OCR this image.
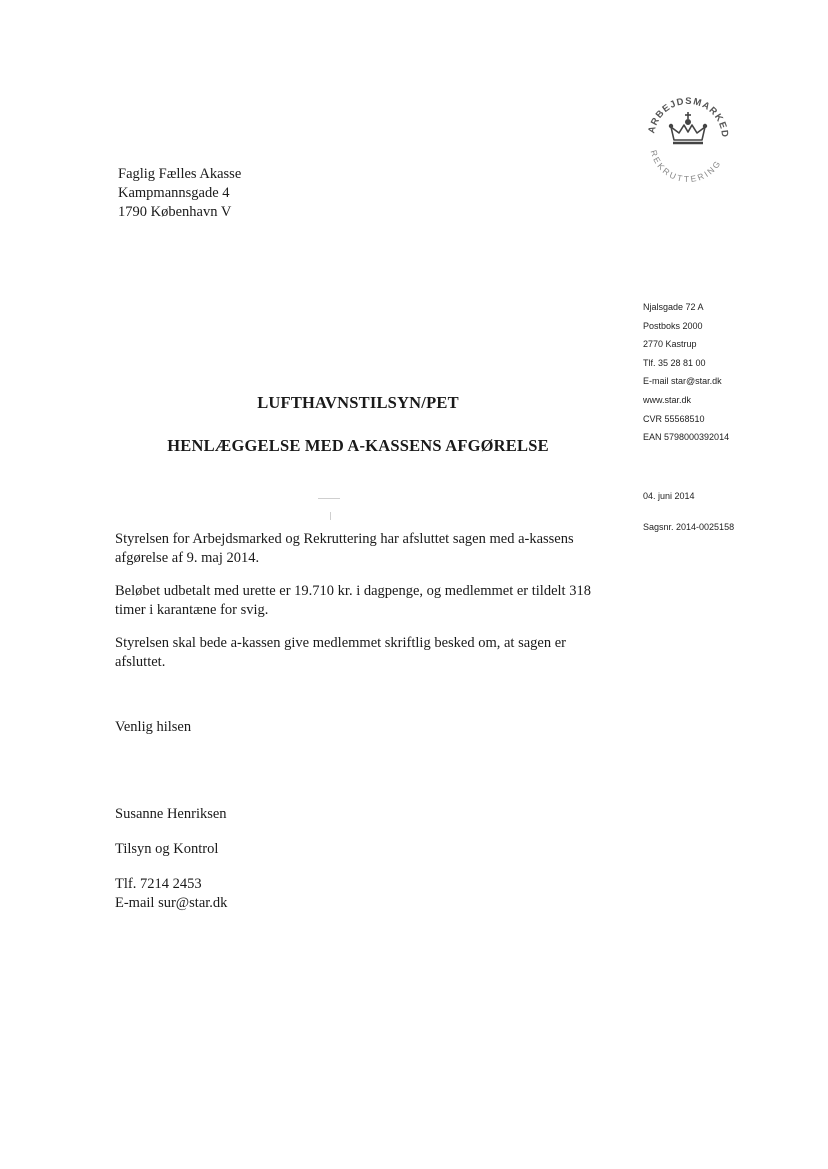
ARBEJDSMARKED
REKRUTTERING
Faglig Fælles Akasse
Kampmannsgade 4
1790 København V
Njalsgade 72 A
Postboks 2000
2770 Kastrup
Tlf. 35 28 81 00
E-mail star@star.dk
www.star.dk
CVR 55568510
EAN 5798000392014
04. juni 2014
Sagsnr. 2014-0025158
LUFTHAVNSTILSYN/PET
HENLÆGGELSE MED A-KASSENS AFGØRELSE
Styrelsen for Arbejdsmarked og Rekruttering har afsluttet sagen med a-kassens
afgørelse af 9. maj 2014.
Beløbet udbetalt med urette er 19.710 kr. i dagpenge, og medlemmet er tildelt 318
timer i karantæne for svig.
Styrelsen skal bede a-kassen give medlemmet skriftlig besked om, at sagen er
afsluttet.
Venlig hilsen
Susanne Henriksen
Tilsyn og Kontrol
Tlf. 7214 2453
E-mail sur@star.dk
